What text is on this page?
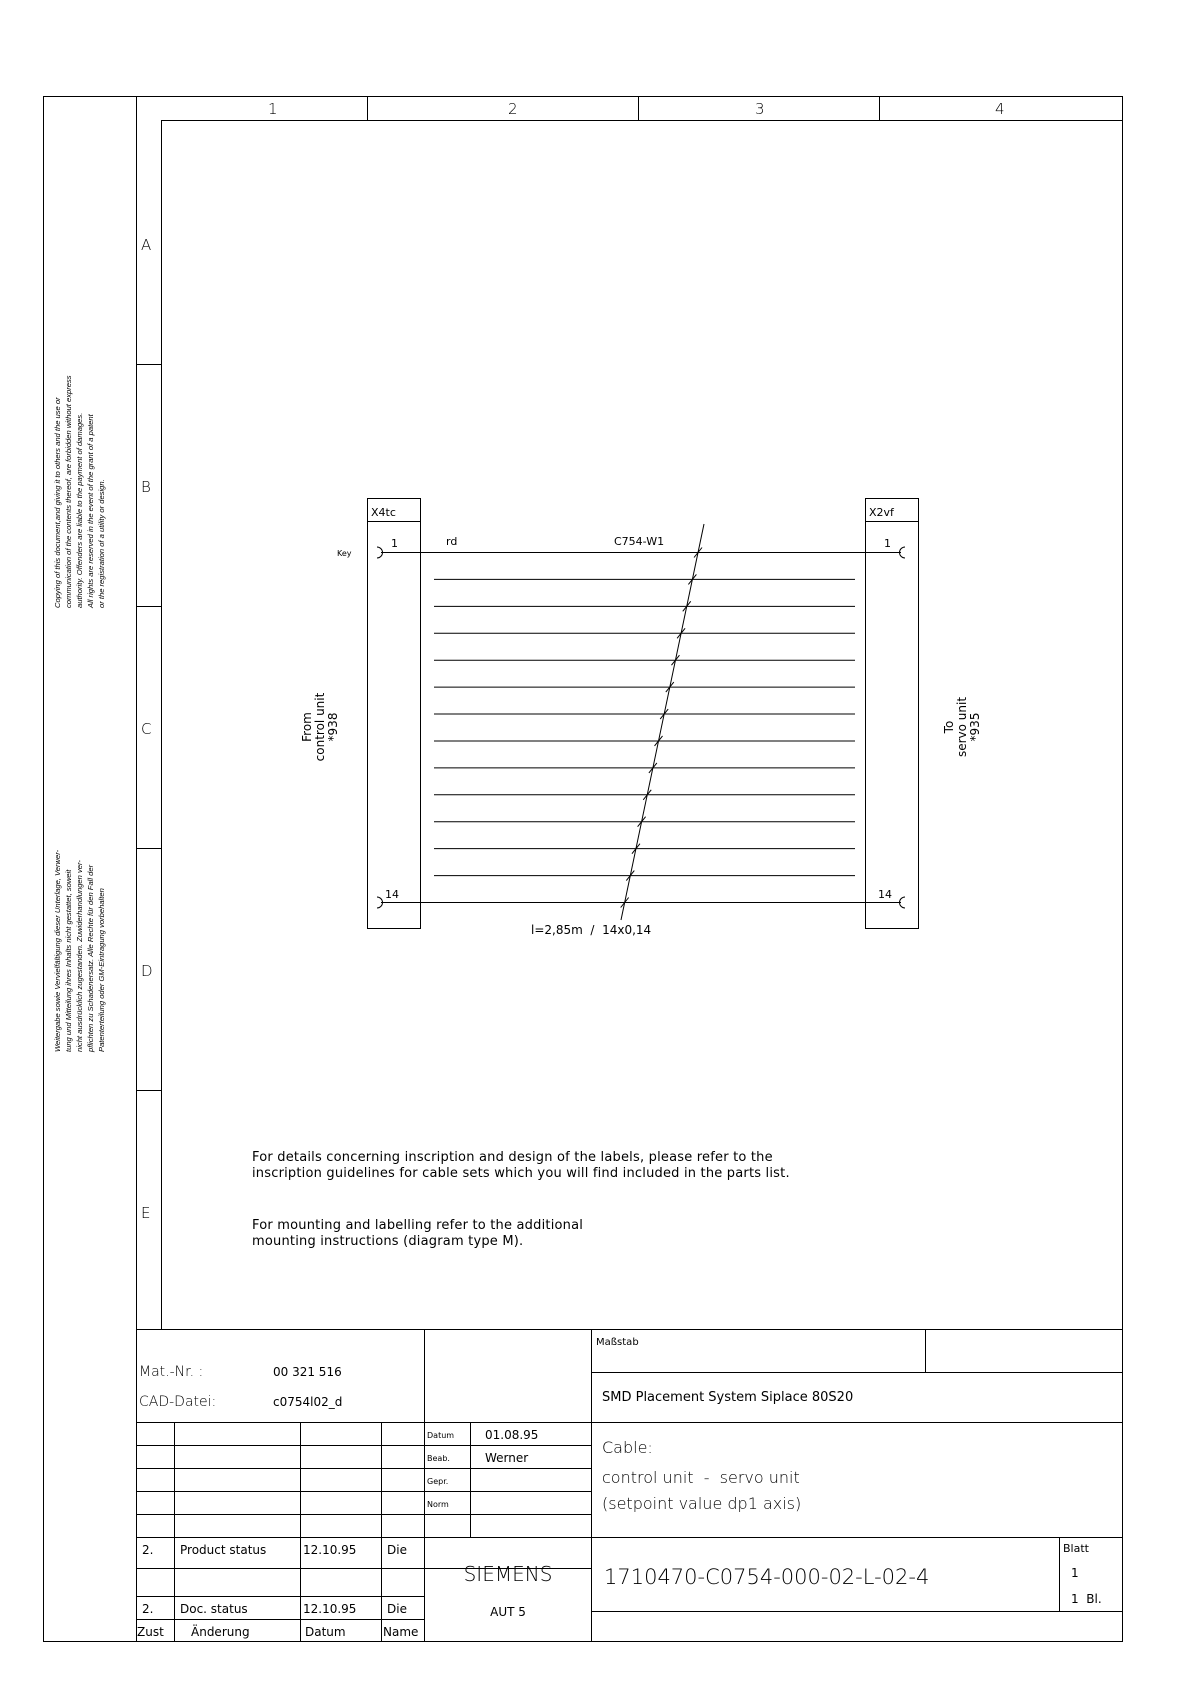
1	2	3	4
A
B
C
D
E
X4tc	X2vf
Key
1
14
1
14
rd	C754-W1
l=2,85m  /  14x0,14
From control unit *938	To servo unit *935
Mat.-Nr. :	00 321 516
CAD-Datei:	c0754l02_d
Maßstab
SMD Placement System Siplace 80S20
Datum	01.08.95
Beab.	Werner
Gepr.
Norm
Cable:
control unit  -  servo unit
(setpoint value dp1 axis)
2. Product status	12.10.95	Die
2. Doc. status	12.10.95	Die
Zust Änderung	Datum	Name
SIEMENS
AUT 5
1710470-C0754-000-02-L-02-4
Blatt
1
1  Bl.
Copying of this document,and giving it to others and the use or communication of the contents thereof, are forbidden without express authority. Offenders are liable to the payment of damages. All rights are reserved in the event of the grant of a patent or the registration of a utility or design.
Weitergabe sowie Vervielfältigung dieser Unterlage, Verwer- tung und Mitteilung ihres Inhalts nicht gestattet, soweit nicht ausdrücklich zugestanden. Zuwiderhandlungen ver- pflichten zu Schadenersatz. Alle Rechte für den Fall der Patenterteilung oder GM-Eintragung vorbehalten
For details concerning inscription and design of the labels, please refer to the
inscription guidelines for cable sets which you will find included in the parts list.
For mounting and labelling refer to the additional
mounting instructions (diagram type M).
